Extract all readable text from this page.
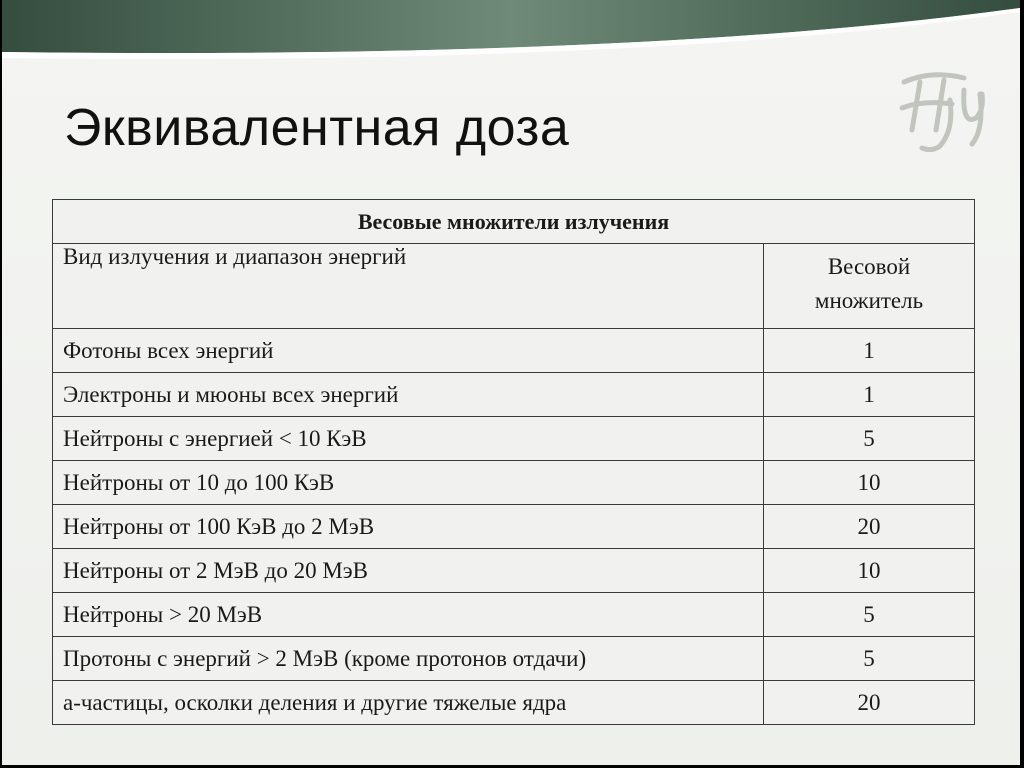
Эквивалентная доза
Весовые множители излучения	
Вид излучения и диапазон энергий	Весовой множитель
Фотоны всех энергий	1
Электроны и мюоны всех энергий	1
Нейтроны с энергией < 10 КэВ	5
Нейтроны от 10 до 100 КэВ	10
Нейтроны от 100 КэВ до 2 МэВ	20
Нейтроны от 2 МэВ до 20 МэВ	10
Нейтроны > 20 МэВ	5
Протоны с энергий > 2 МэВ (кроме протонов отдачи)	5
а-частицы, осколки деления и другие тяжелые ядра	20
